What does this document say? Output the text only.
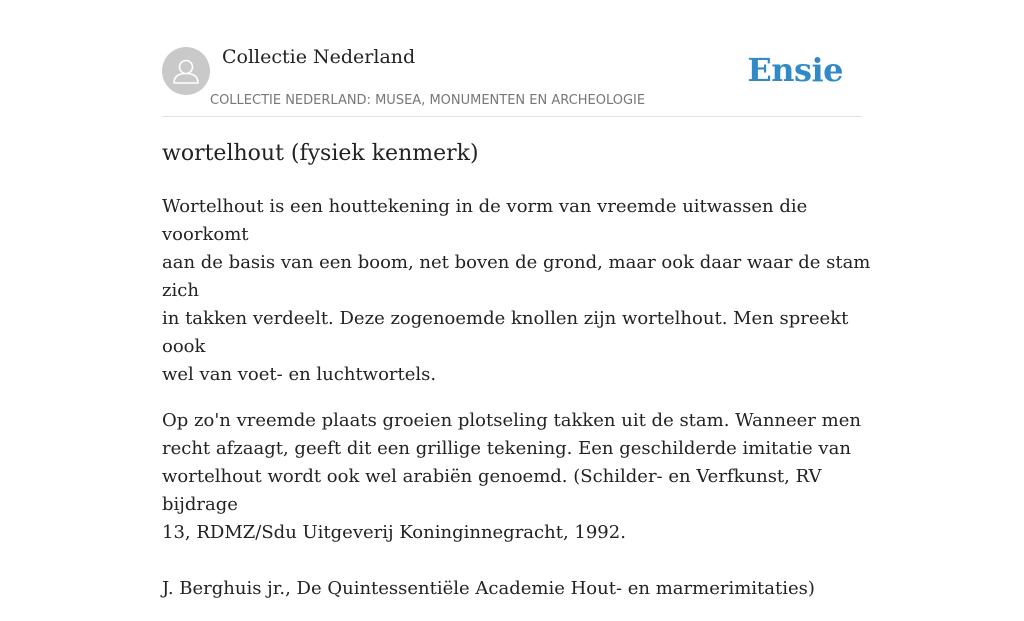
Collectie Nederland
COLLECTIE NEDERLAND: MUSEA, MONUMENTEN EN ARCHEOLOGIE
Ensie
wortelhout (fysiek kenmerk)

Wortelhout is een houttekening in de vorm van vreemde uitwassen die voorkomt
aan de basis van een boom, net boven de grond, maar ook daar waar de stam zich
in takken verdeelt. Deze zogenoemde knollen zijn wortelhout. Men spreekt oook
wel van voet- en luchtwortels.

Op zo'n vreemde plaats groeien plotseling takken uit de stam. Wanneer men
recht afzaagt, geeft dit een grillige tekening. Een geschilderde imitatie van
wortelhout wordt ook wel arabiën genoemd. (Schilder- en Verfkunst, RV bijdrage
13, RDMZ/Sdu Uitgeverij Koninginnegracht, 1992.

J. Berghuis jr., De Quintessentiële Academie Hout- en marmerimitaties)
